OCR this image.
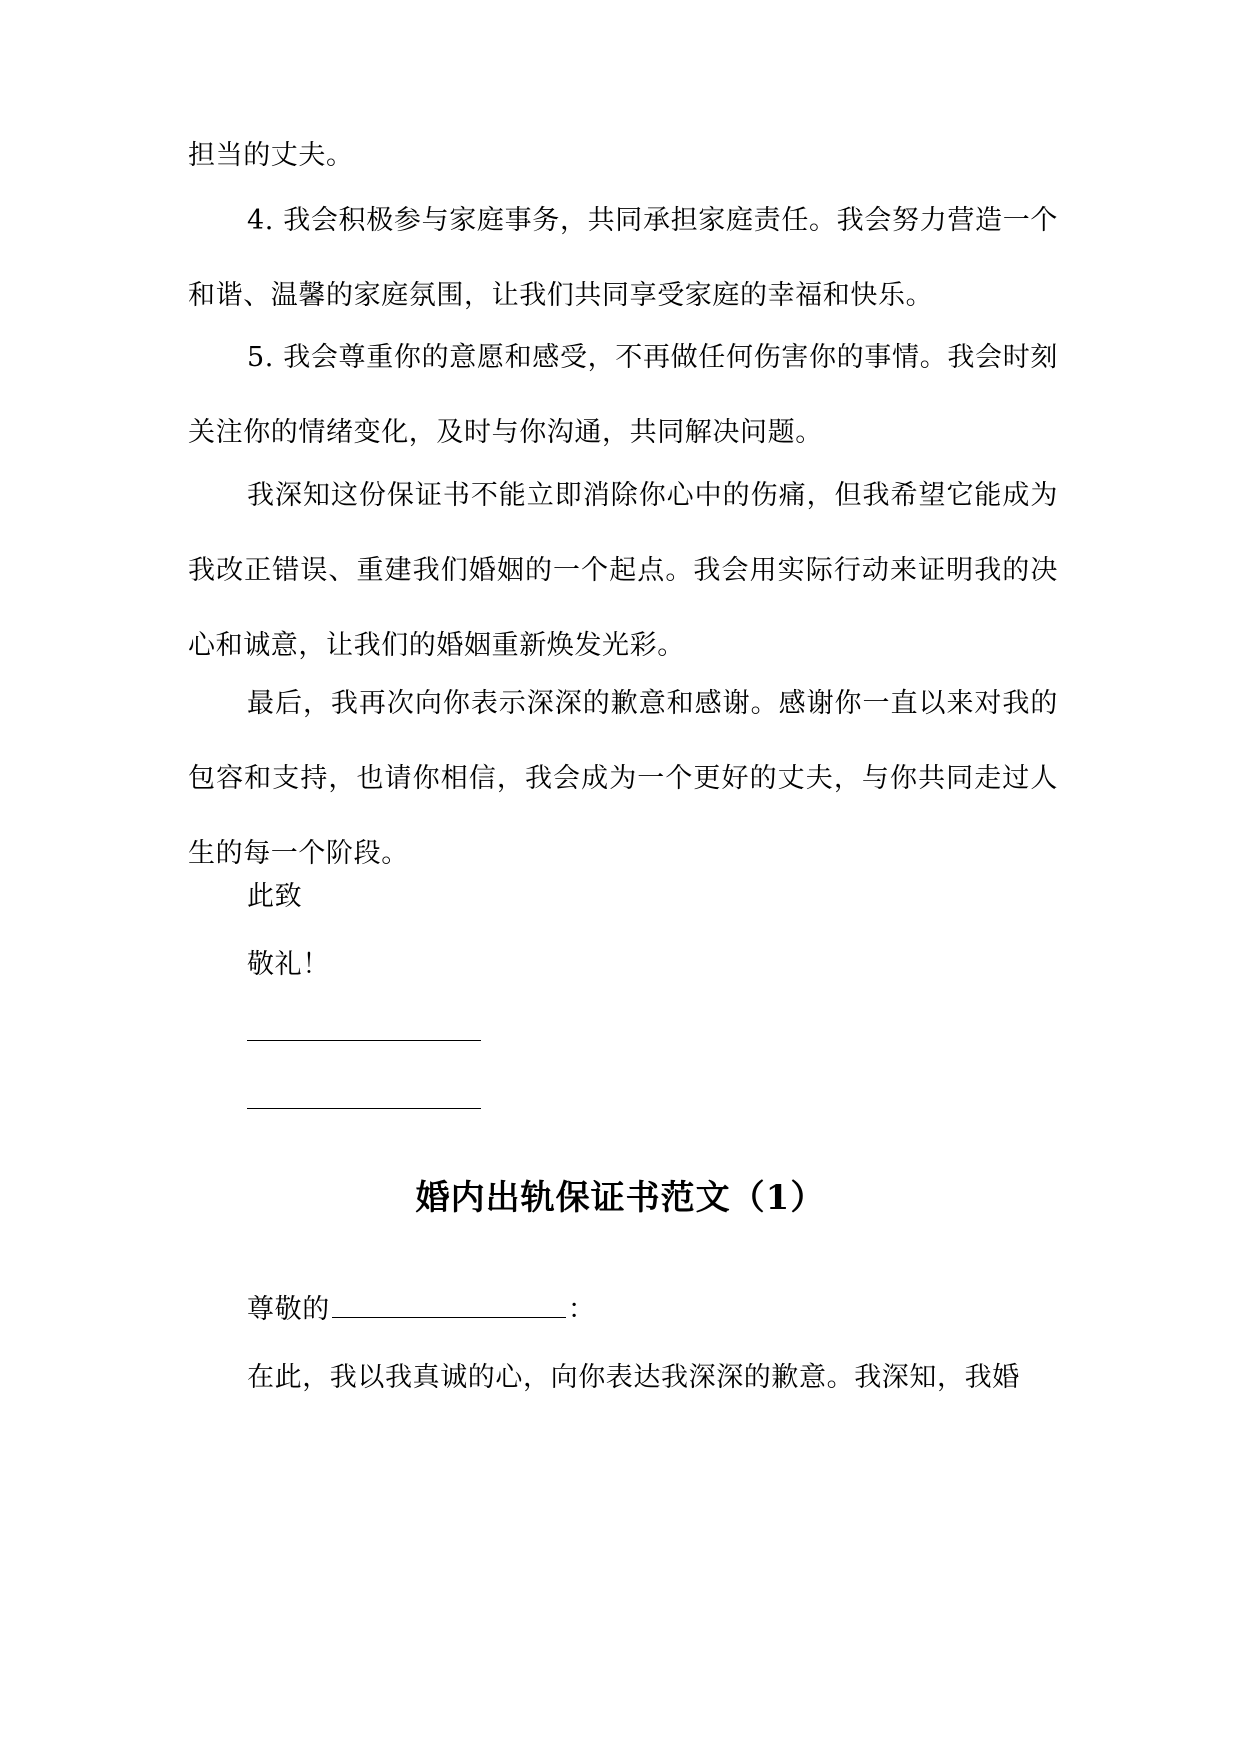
担当的丈夫。
4. 我会积极参与家庭事务，共同承担家庭责任。我会努力营造一个和谐、温馨的家庭氛围，让我们共同享受家庭的幸福和快乐。
5. 我会尊重你的意愿和感受，不再做任何伤害你的事情。我会时刻关注你的情绪变化，及时与你沟通，共同解决问题。
我深知这份保证书不能立即消除你心中的伤痛，但我希望它能成为我改正错误、重建我们婚姻的一个起点。我会用实际行动来证明我的决心和诚意，让我们的婚姻重新焕发光彩。
最后，我再次向你表示深深的歉意和感谢。感谢你一直以来对我的包容和支持，也请你相信，我会成为一个更好的丈夫，与你共同走过人生的每一个阶段。
此致
敬礼！
婚内出轨保证书范文（1）
尊敬的	：
在此，我以我真诚的心，向你表达我深深的歉意。我深知，我婚
